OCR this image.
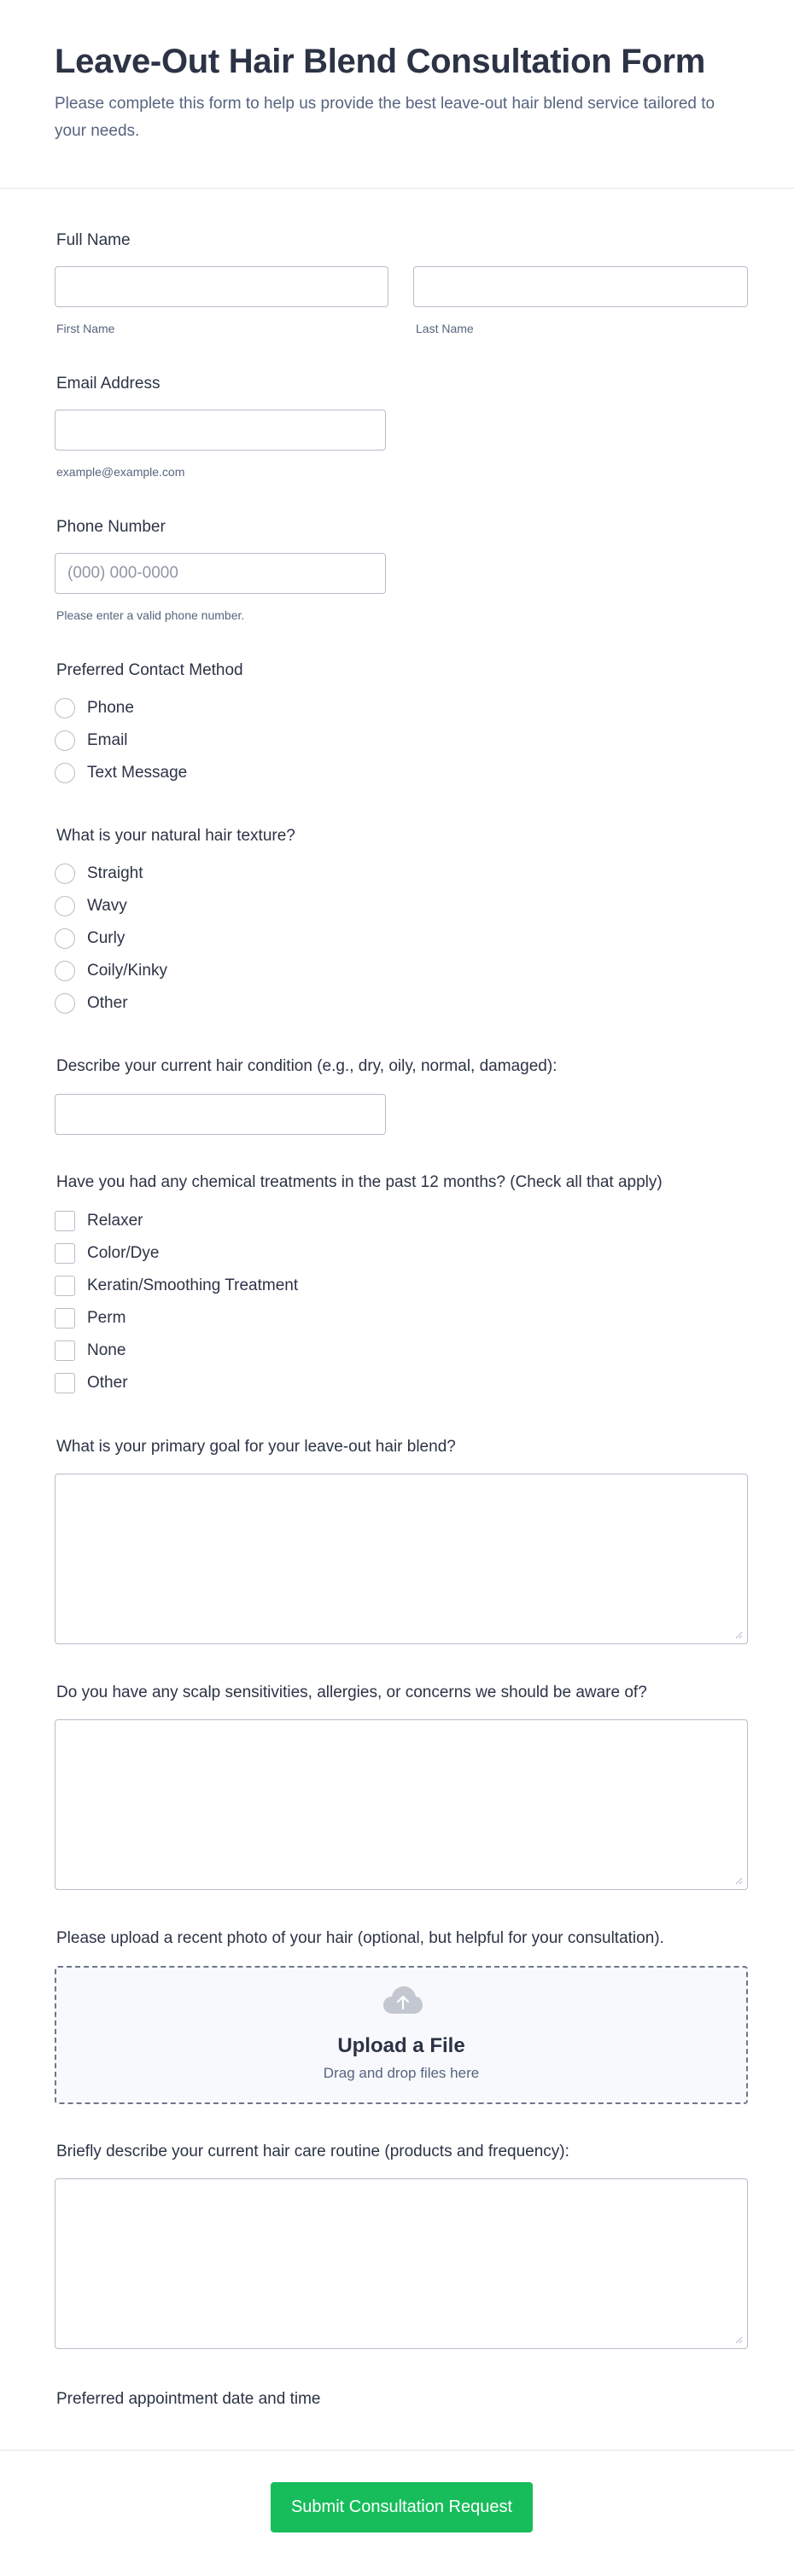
Leave-Out Hair Blend Consultation Form
Please complete this form to help us provide the best leave-out hair blend service tailored to your needs.
Full Name
First Name	Last Name
Email Address
example@example.com
Phone Number
(000) 000-0000
Please enter a valid phone number.
Preferred Contact Method
Phone
Email
Text Message
What is your natural hair texture?
Straight
Wavy
Curly
Coily/Kinky
Other
Describe your current hair condition (e.g., dry, oily, normal, damaged):
Have you had any chemical treatments in the past 12 months? (Check all that apply)
Relaxer
Color/Dye
Keratin/Smoothing Treatment
Perm
None
Other
What is your primary goal for your leave-out hair blend?
Do you have any scalp sensitivities, allergies, or concerns we should be aware of?
Please upload a recent photo of your hair (optional, but helpful for your consultation).
Upload a File
Drag and drop files here
Briefly describe your current hair care routine (products and frequency):
Preferred appointment date and time
Submit Consultation Request
